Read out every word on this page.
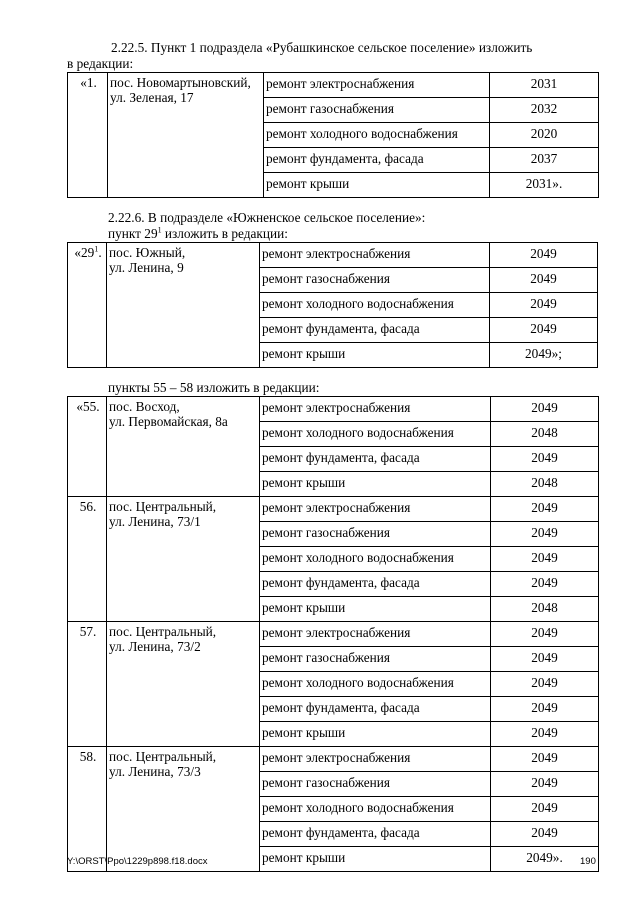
2.22.5. Пункт 1 подраздела «Рубашкинское сельское поселение» изложить
в редакции:
«1.	пос. Новомартыновский,
ул. Зеленая, 17	ремонт электроснабжения	2031
		ремонт газоснабжения	2032
		ремонт холодного водоснабжения	2020
		ремонт фундамента, фасада	2037
		ремонт крыши	2031».
2.22.6. В подразделе «Южненское сельское поселение»:
пункт $29^1$ изложить в редакции:
«$29^1$.	пос. Южный,
ул. Ленина, 9	ремонт электроснабжения	2049
		ремонт газоснабжения	2049
		ремонт холодного водоснабжения	2049
		ремонт фундамента, фасада	2049
		ремонт крыши	2049»;
пункты 55 – 58 изложить в редакции:
«55.	пос. Восход,
ул. Первомайская, 8а	ремонт электроснабжения	2049
		ремонт холодного водоснабжения	2048
		ремонт фундамента, фасада	2049
		ремонт крыши	2048
56.	пос. Центральный,
ул. Ленина, 73/1	ремонт электроснабжения	2049
		ремонт газоснабжения	2049
		ремонт холодного водоснабжения	2049
		ремонт фундамента, фасада	2049
		ремонт крыши	2048
57.	пос. Центральный,
ул. Ленина, 73/2	ремонт электроснабжения	2049
		ремонт газоснабжения	2049
		ремонт холодного водоснабжения	2049
		ремонт фундамента, фасада	2049
		ремонт крыши	2049
58.	пос. Центральный,
ул. Ленина, 73/3	ремонт электроснабжения	2049
		ремонт газоснабжения	2049
		ремонт холодного водоснабжения	2049
		ремонт фундамента, фасада	2049
		ремонт крыши	2049».
Y:\ORST\Ppo\1229p898.f18.docx	190
